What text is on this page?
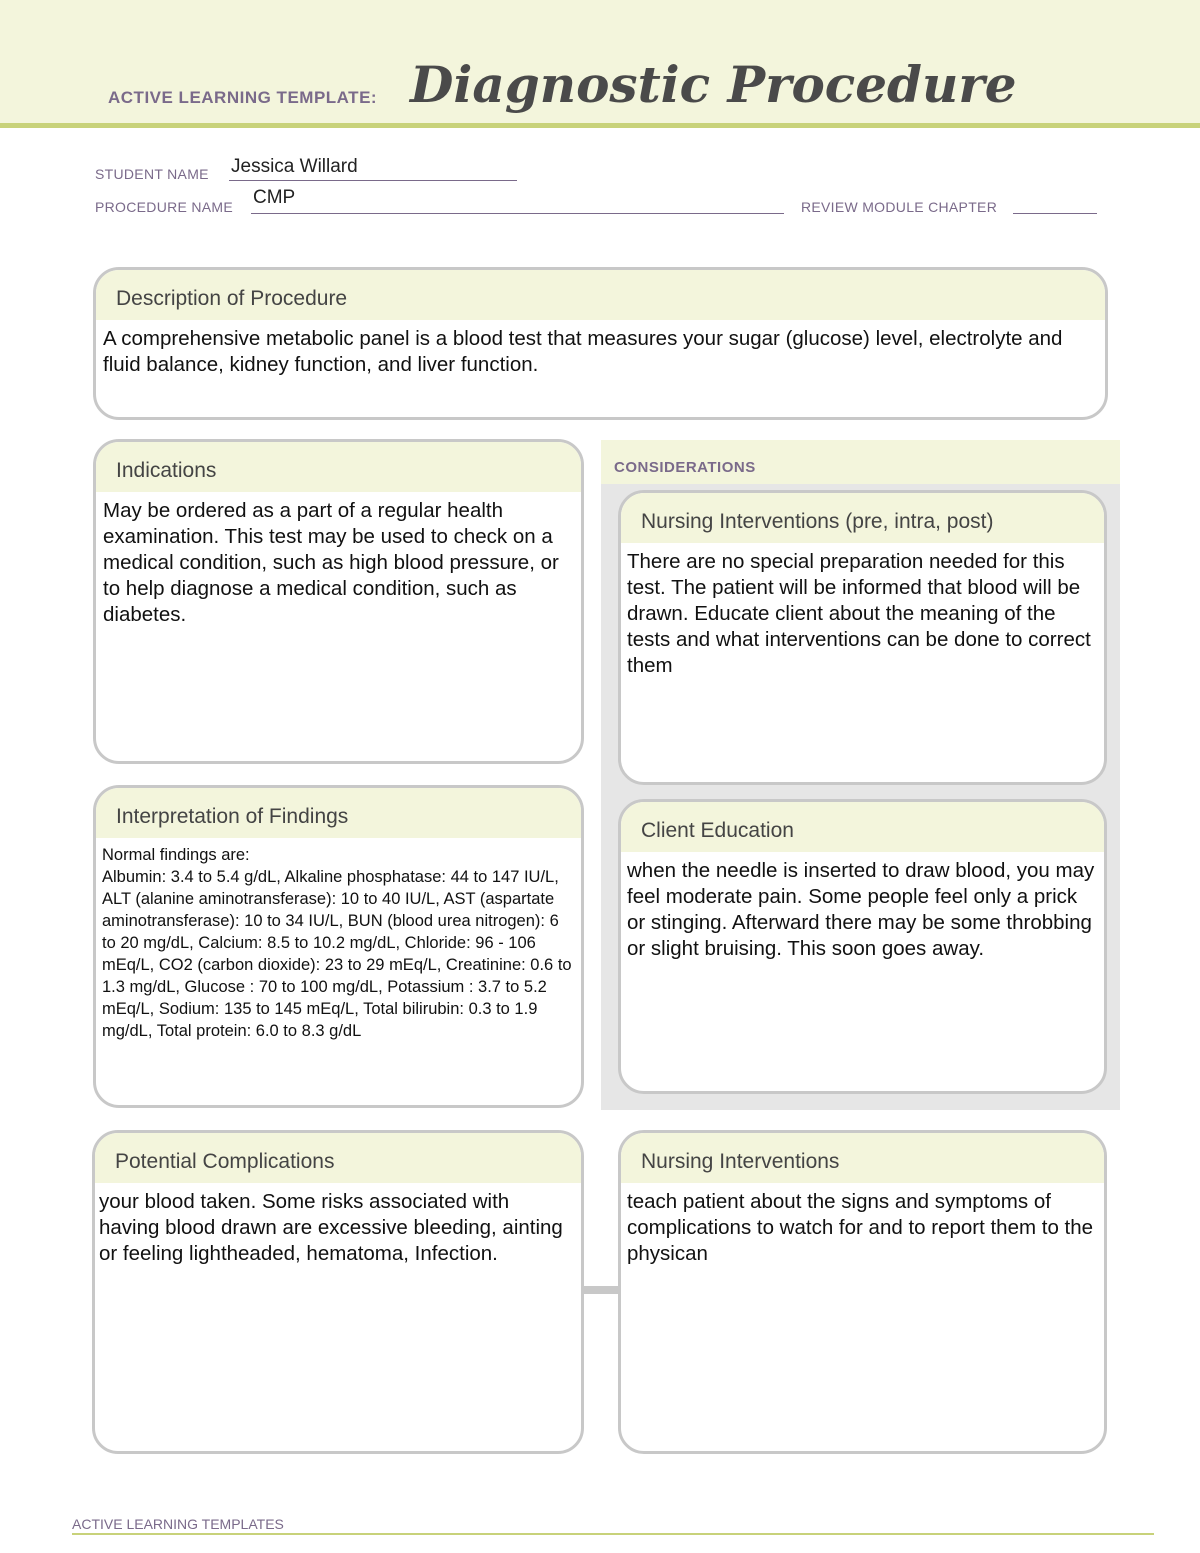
ACTIVE LEARNING TEMPLATE: Diagnostic Procedure
STUDENT NAME Jessica Willard
PROCEDURE NAME CMP	REVIEW MODULE CHAPTER
Description of Procedure
A comprehensive metabolic panel is a blood test that measures your sugar (glucose) level, electrolyte and fluid balance, kidney function, and liver function.
Indications
May be ordered as a part of a regular health examination. This test may be used to check on a medical condition, such as high blood pressure, or to help diagnose a medical condition, such as diabetes.
CONSIDERATIONS
Nursing Interventions (pre, intra, post)
There are no special preparation needed for this test. The patient will be informed that blood will be drawn. Educate client about the meaning of the tests and what interventions can be done to correct them
Interpretation of Findings
Normal findings are:
Albumin: 3.4 to 5.4 g/dL, Alkaline phosphatase: 44 to 147 IU/L, ALT (alanine aminotransferase): 10 to 40 IU/L, AST (aspartate aminotransferase): 10 to 34 IU/L, BUN (blood urea nitrogen): 6 to 20 mg/dL, Calcium: 8.5 to 10.2 mg/dL, Chloride: 96 - 106 mEq/L, CO2 (carbon dioxide): 23 to 29 mEq/L, Creatinine: 0.6 to 1.3 mg/dL, Glucose : 70 to 100 mg/dL, Potassium : 3.7 to 5.2 mEq/L, Sodium: 135 to 145 mEq/L, Total bilirubin: 0.3 to 1.9 mg/dL, Total protein: 6.0 to 8.3 g/dL
Client Education
when the needle is inserted to draw blood, you may feel moderate pain. Some people feel only a prick or stinging. Afterward there may be some throbbing or slight bruising. This soon goes away.
Potential Complications
your blood taken. Some risks associated with having blood drawn are excessive bleeding, ainting or feeling lightheaded, hematoma, Infection.
Nursing Interventions
teach patient about the signs and symptoms of complications to watch for and to report them to the physican
ACTIVE LEARNING TEMPLATES
